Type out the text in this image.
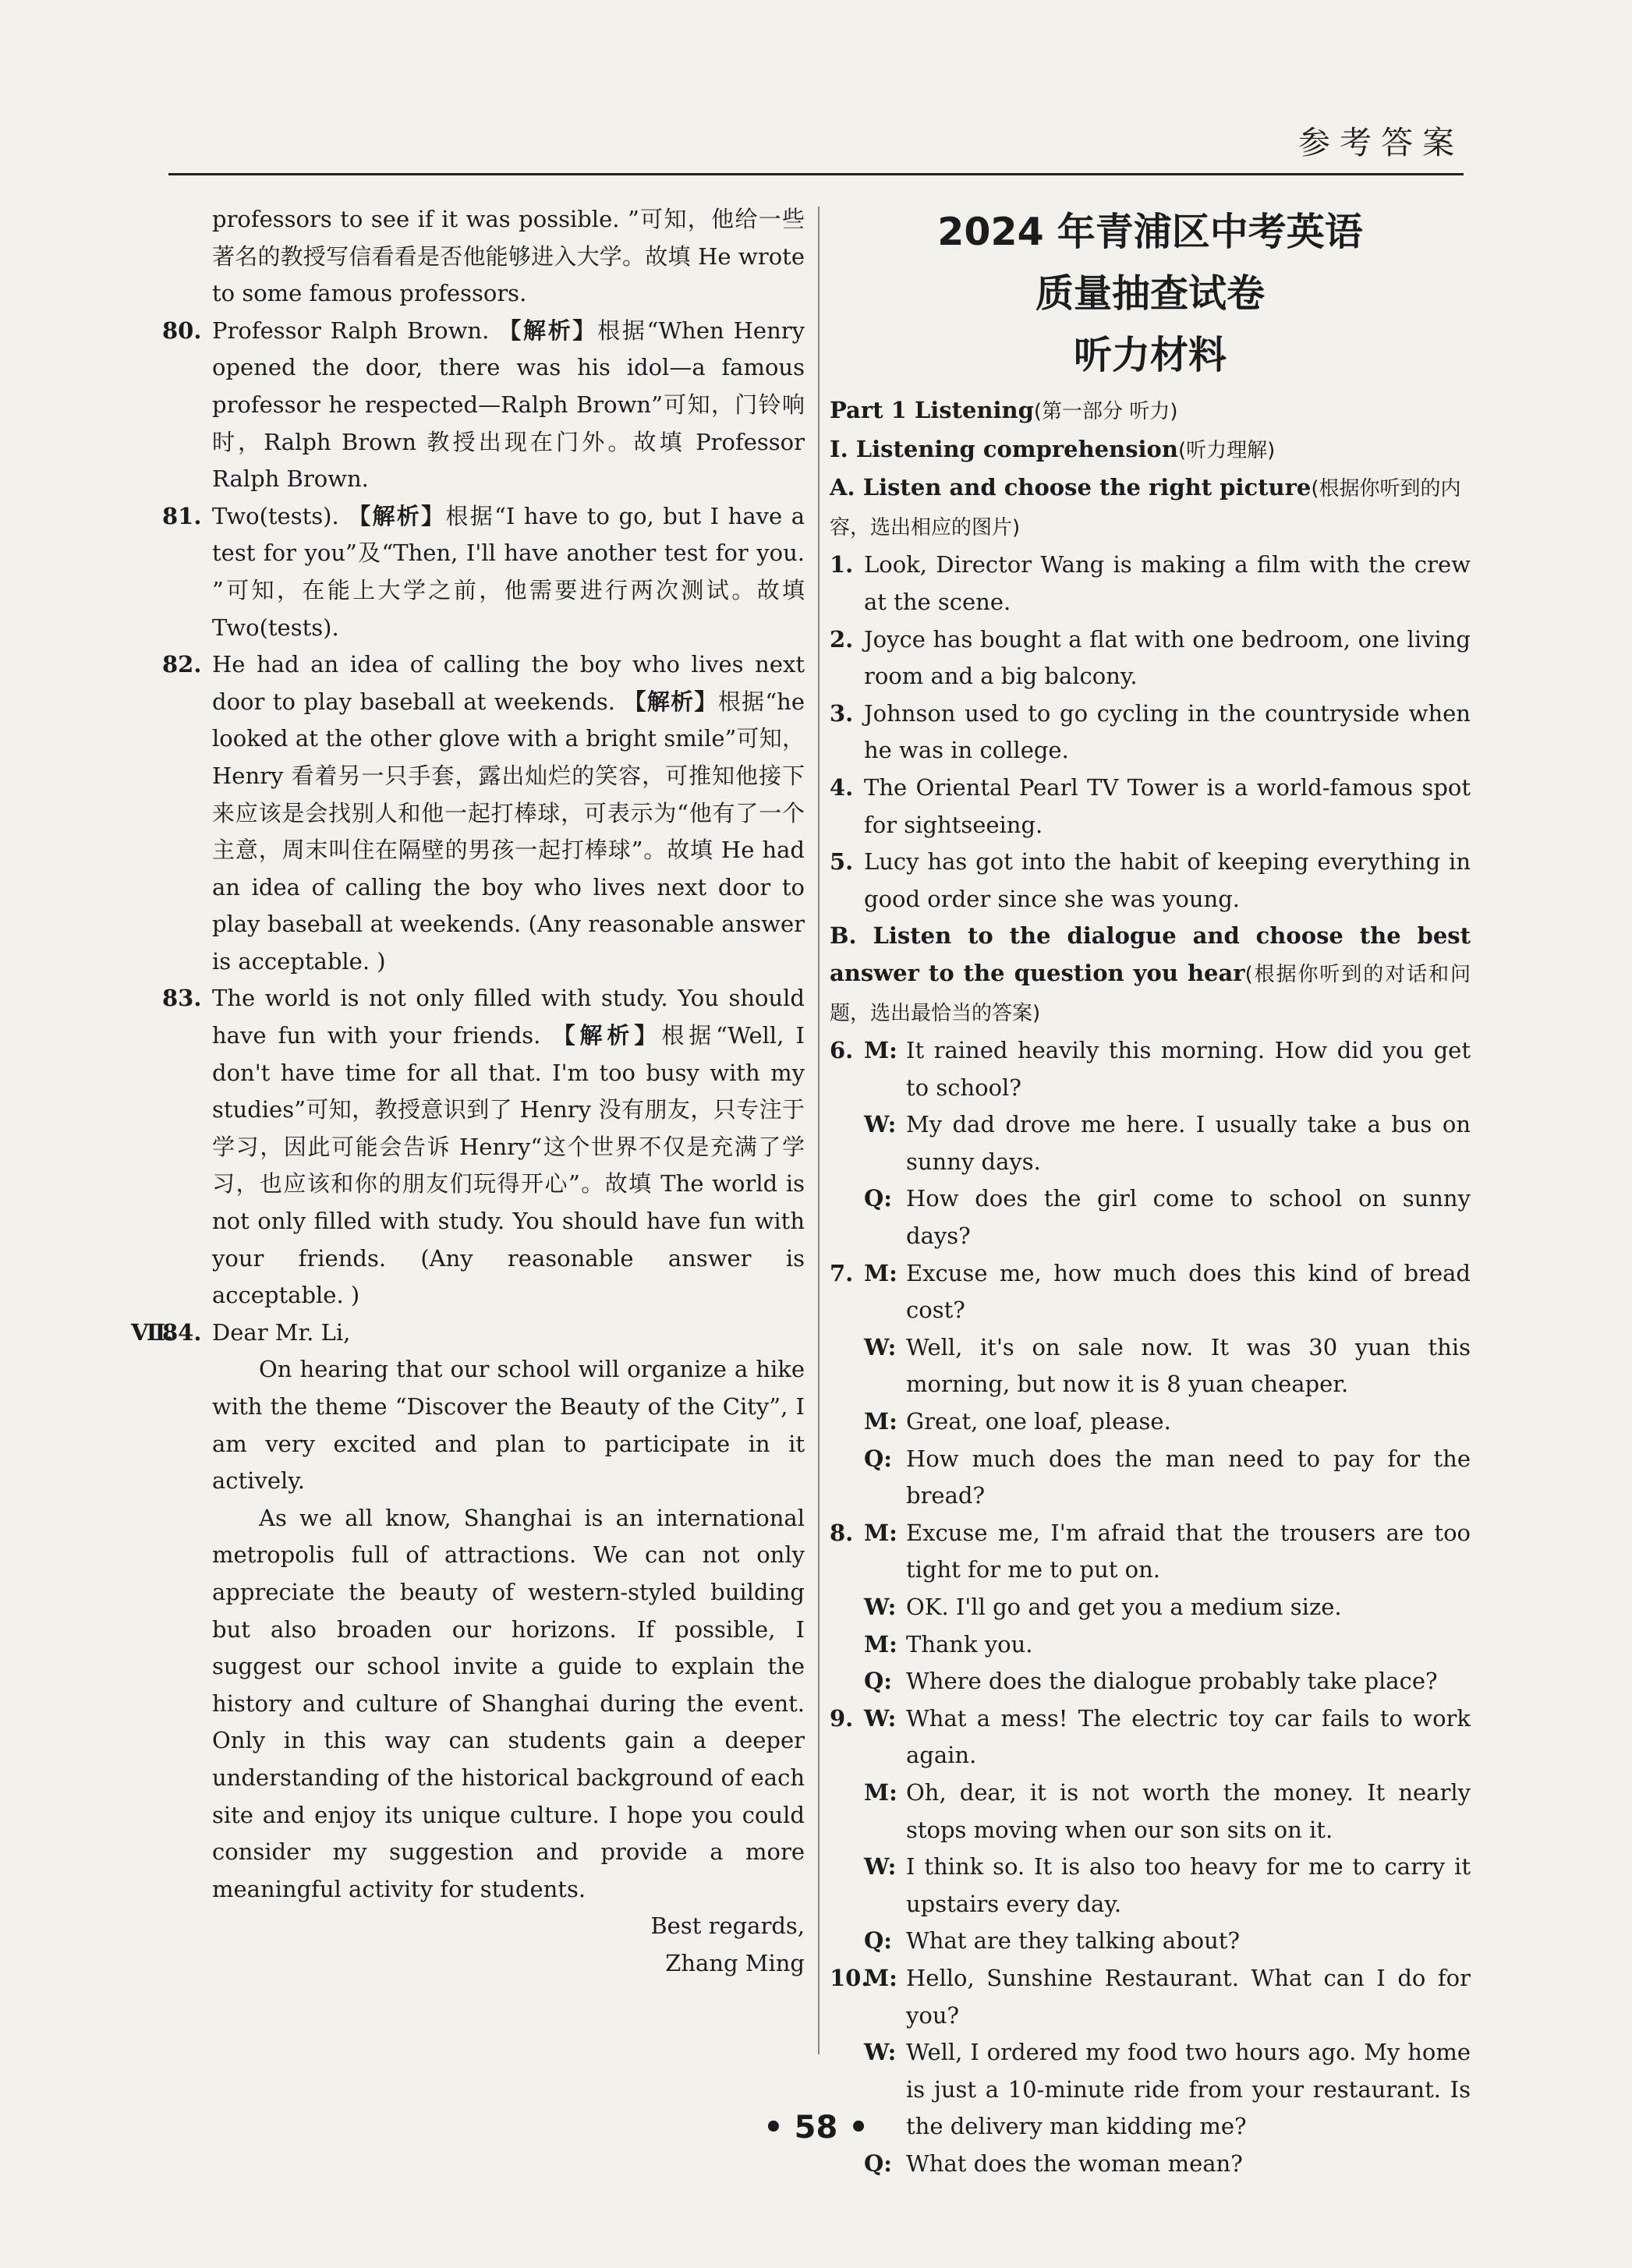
参考答案
professors to see if it was possible. ”可知，他给一些著名的教授写信看看是否他能够进入大学。故填 He wrote to some famous professors.
80. Professor Ralph Brown. 【解析】根据“When Henry opened the door, there was his idol—a famous professor he respected—Ralph Brown”可知，门铃响时，Ralph Brown 教授出现在门外。故填 Professor Ralph Brown.
81. Two(tests). 【解析】根据“I have to go, but I have a test for you”及“Then, I'll have another test for you. ”可知，在能上大学之前，他需要进行两次测试。故填 Two(tests).
82. He had an idea of calling the boy who lives next door to play baseball at weekends. 【解析】根据“he looked at the other glove with a bright smile”可知，Henry 看着另一只手套，露出灿烂的笑容，可推知他接下来应该是会找别人和他一起打棒球，可表示为“他有了一个主意，周末叫住在隔壁的男孩一起打棒球”。故填 He had an idea of calling the boy who lives next door to play baseball at weekends. (Any reasonable answer is acceptable. )
83. The world is not only filled with study. You should have fun with your friends. 【解析】根据“Well, I don't have time for all that. I'm too busy with my studies”可知，教授意识到了 Henry 没有朋友，只专注于学习，因此可能会告诉 Henry“这个世界不仅是充满了学习，也应该和你的朋友们玩得开心”。故填 The world is not only filled with study. You should have fun with your friends. (Any reasonable answer is acceptable. )
Ⅶ.
84. Dear Mr. Li,
On hearing that our school will organize a hike with the theme “Discover the Beauty of the City”, I am very excited and plan to participate in it actively.
As we all know, Shanghai is an international metropolis full of attractions. We can not only appreciate the beauty of western-styled building but also broaden our horizons. If possible, I suggest our school invite a guide to explain the history and culture of Shanghai during the event. Only in this way can students gain a deeper understanding of the historical background of each site and enjoy its unique culture. I hope you could consider my suggestion and provide a more meaningful activity for students.
Best regards,
Zhang Ming
2024 年青浦区中考英语
质量抽查试卷
听力材料
Part 1 Listening(第一部分 听力)
Ⅰ. Listening comprehension(听力理解)
A. Listen and choose the right picture(根据你听到的内容，选出相应的图片)
1. Look, Director Wang is making a film with the crew at the scene.
2. Joyce has bought a flat with one bedroom, one living room and a big balcony.
3. Johnson used to go cycling in the countryside when he was in college.
4. The Oriental Pearl TV Tower is a world-famous spot for sightseeing.
5. Lucy has got into the habit of keeping everything in good order since she was young.
B. Listen to the dialogue and choose the best answer to the question you hear(根据你听到的对话和问题，选出最恰当的答案)
6. M: It rained heavily this morning. How did you get to school?
W: My dad drove me here. I usually take a bus on sunny days.
Q: How does the girl come to school on sunny days?
7. M: Excuse me, how much does this kind of bread cost?
W: Well, it's on sale now. It was 30 yuan this morning, but now it is 8 yuan cheaper.
M: Great, one loaf, please.
Q: How much does the man need to pay for the bread?
8. M: Excuse me, I'm afraid that the trousers are too tight for me to put on.
W: OK. I'll go and get you a medium size.
M: Thank you.
Q: Where does the dialogue probably take place?
9. W: What a mess! The electric toy car fails to work again.
M: Oh, dear, it is not worth the money. It nearly stops moving when our son sits on it.
W: I think so. It is also too heavy for me to carry it upstairs every day.
Q: What are they talking about?
10.
M: Hello, Sunshine Restaurant. What can I do for you?
W: Well, I ordered my food two hours ago. My home is just a 10-minute ride from your restaurant. Is the delivery man kidding me?
Q: What does the woman mean?
• 58 •
